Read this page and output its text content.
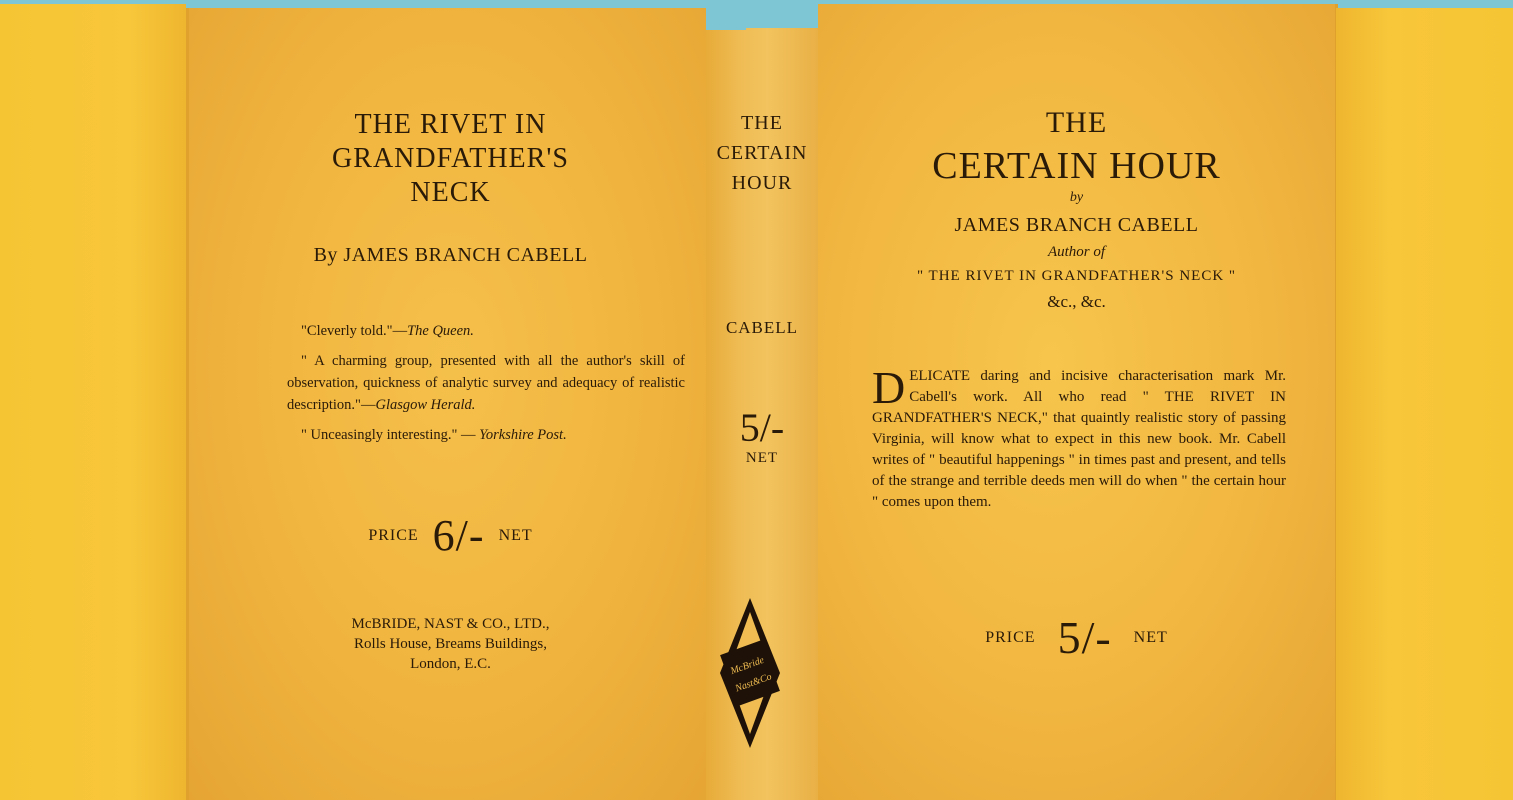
THE RIVET IN
GRANDFATHER'S
NECK
By JAMES BRANCH CABELL

"Cleverly told."—The Queen.

" A charming group, presented with all the author's skill of observation, quickness of analytic survey and adequacy of realistic description."—Glasgow Herald.

" Unceasingly interesting." — Yorkshire Post.

PRICE 6/- NET
McBRIDE, NAST & CO., LTD.,
Rolls House, Breams Buildings,
London, E.C.
THE
CERTAIN
HOUR
CABELL
5/-
NET
McBride
Nast&Co
THE
CERTAIN HOUR
by
JAMES BRANCH CABELL
Author of
" THE RIVET IN GRANDFATHER'S NECK "
&c., &c.
DELICATE daring and incisive characterisation mark Mr. Cabell's work. All who read " THE RIVET IN GRANDFATHER'S NECK," that quaintly realistic story of passing Virginia, will know what to expect in this new book. Mr. Cabell writes of " beautiful happenings " in times past and present, and tells of the strange and terrible deeds men will do when " the certain hour " comes upon them.
PRICE 5/- NET
